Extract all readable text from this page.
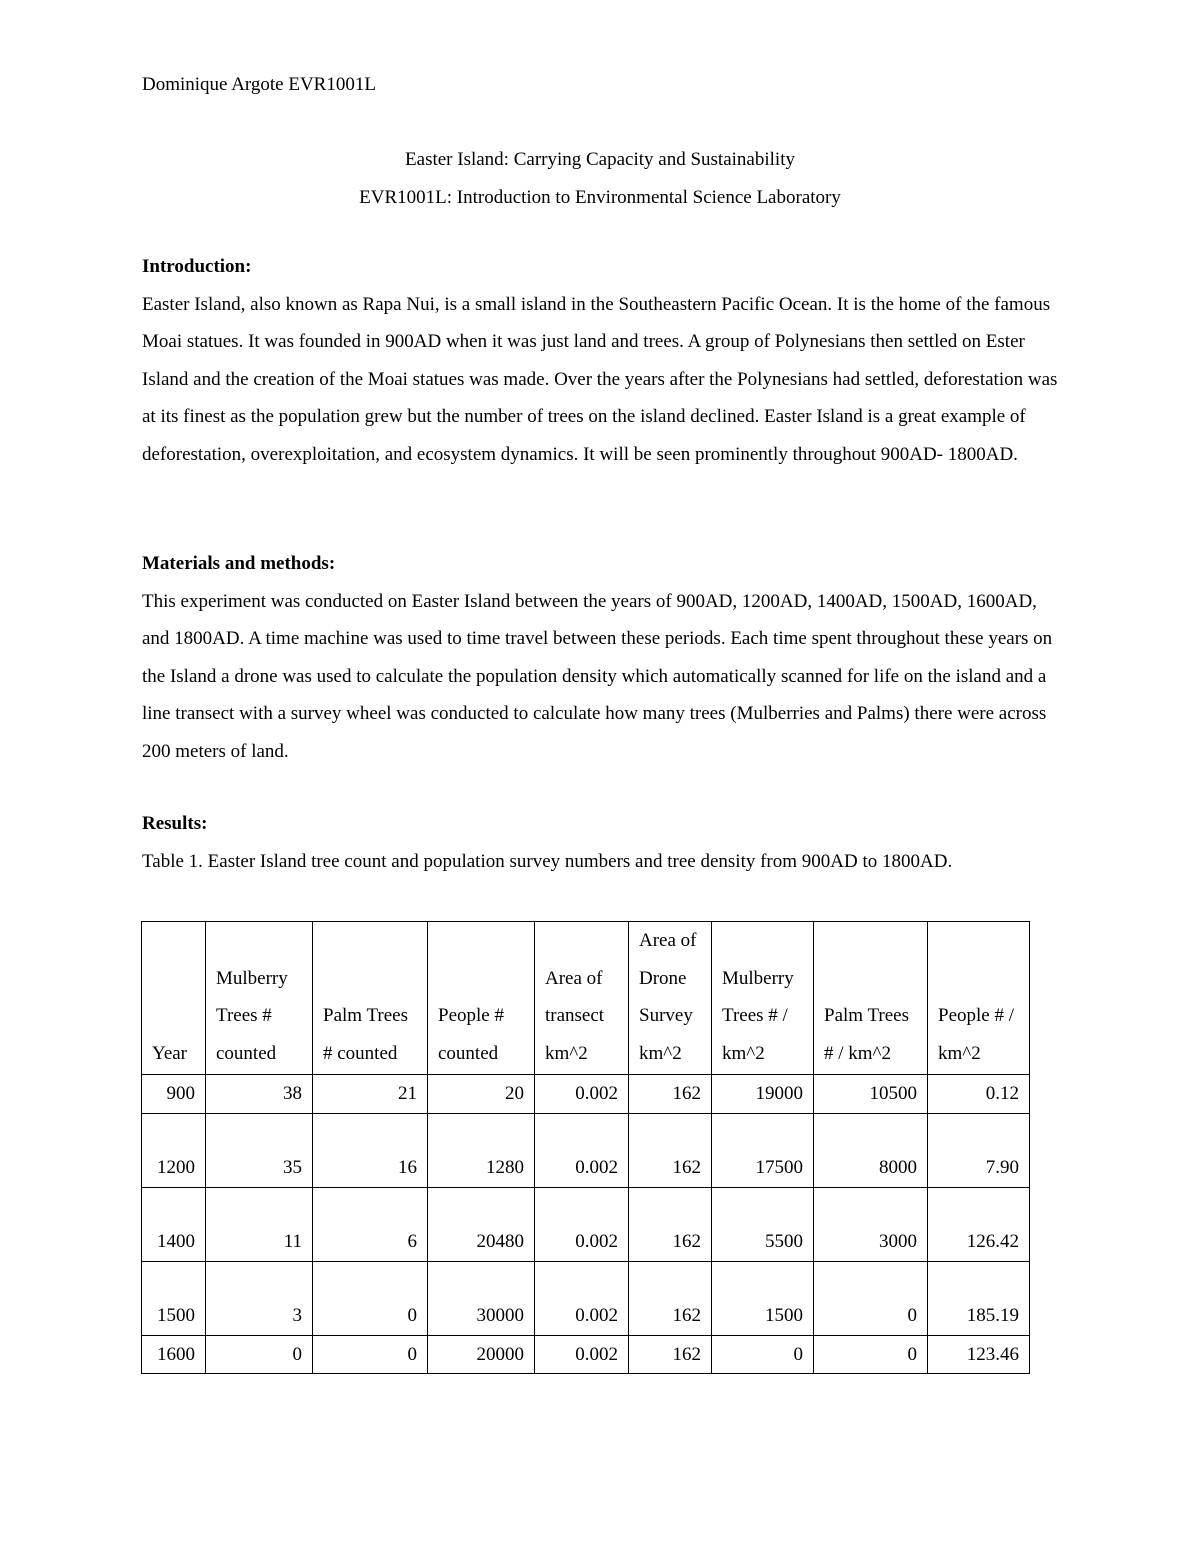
Dominique Argote EVR1001L
Easter Island: Carrying Capacity and Sustainability
EVR1001L: Introduction to Environmental Science Laboratory
Introduction:

Easter Island, also known as Rapa Nui, is a small island in the Southeastern Pacific Ocean. It is the home of the famous Moai statues. It was founded in 900AD when it was just land and trees. A group of Polynesians then settled on Ester Island and the creation of the Moai statues was made. Over the years after the Polynesians had settled, deforestation was at its finest as the population grew but the number of trees on the island declined. Easter Island is a great example of deforestation, overexploitation, and ecosystem dynamics. It will be seen prominently throughout 900AD- 1800AD.

Materials and methods:

This experiment was conducted on Easter Island between the years of 900AD, 1200AD, 1400AD, 1500AD, 1600AD, and 1800AD. A time machine was used to time travel between these periods. Each time spent throughout these years on the Island a drone was used to calculate the population density which automatically scanned for life on the island and a line transect with a survey wheel was conducted to calculate how many trees (Mulberries and Palms) there were across 200 meters of land.

Results:

Table 1. Easter Island tree count and population survey numbers and tree density from 900AD to 1800AD.

Year	Mulberry Trees # counted	Palm Trees # counted	People # counted	Area of transect km^2	Area of Drone Survey km^2	Mulberry Trees # / km^2	Palm Trees # / km^2	People # / km^2
900	38	21	20	0.002	162	19000	10500	0.12
1200	35	16	1280	0.002	162	17500	8000	7.90
1400	11	6	20480	0.002	162	5500	3000	126.42
1500	3	0	30000	0.002	162	1500	0	185.19
1600	0	0	20000	0.002	162	0	0	123.46
